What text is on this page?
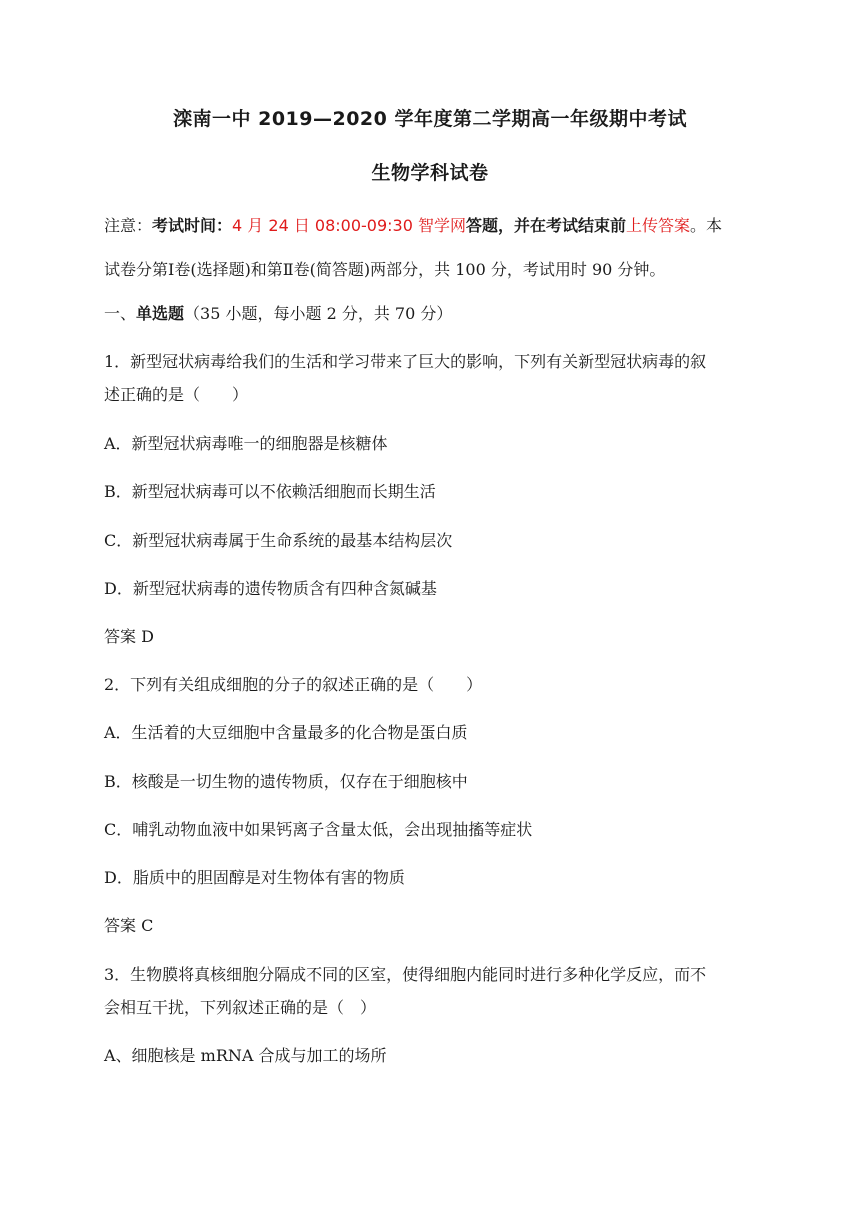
滦南一中 2019—2020 学年度第二学期高一年级期中考试
生物学科试卷
注意：考试时间：4 月 24 日 08:00-09:30 智学网答题，并在考试结束前上传答案。本
试卷分第Ⅰ卷(选择题)和第Ⅱ卷(简答题)两部分，共 100 分，考试用时 90 分钟。
一、单选题（35 小题，每小题 2 分，共 70 分）
1．新型冠状病毒给我们的生活和学习带来了巨大的影响，下列有关新型冠状病毒的叙
述正确的是（　　）
A．新型冠状病毒唯一的细胞器是核糖体
B．新型冠状病毒可以不依赖活细胞而长期生活
C．新型冠状病毒属于生命系统的最基本结构层次
D．新型冠状病毒的遗传物质含有四种含氮碱基
答案 D
2．下列有关组成细胞的分子的叙述正确的是（　　）
A．生活着的大豆细胞中含量最多的化合物是蛋白质
B．核酸是一切生物的遗传物质，仅存在于细胞核中
C．哺乳动物血液中如果钙离子含量太低，会出现抽搐等症状
D．脂质中的胆固醇是对生物体有害的物质
答案 C
3．生物膜将真核细胞分隔成不同的区室，使得细胞内能同时进行多种化学反应，而不
会相互干扰，下列叙述正确的是（　）
A、细胞核是 mRNA 合成与加工的场所
